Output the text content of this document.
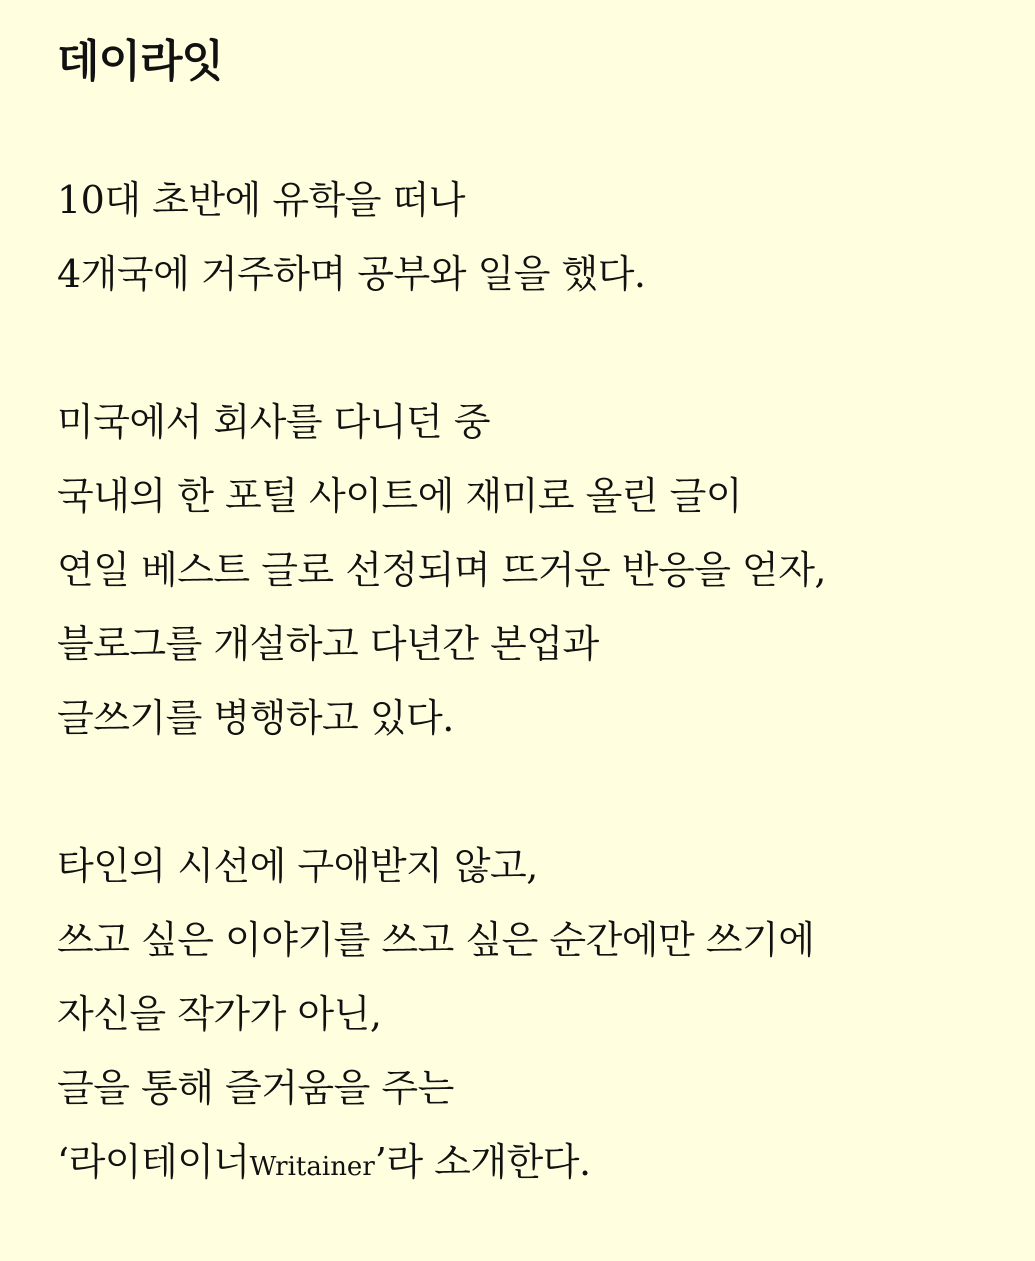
데이라잇
10대 초반에 유학을 떠나
4개국에 거주하며 공부와 일을 했다.
미국에서 회사를 다니던 중
국내의 한 포털 사이트에 재미로 올린 글이
연일 베스트 글로 선정되며 뜨거운 반응을 얻자,
블로그를 개설하고 다년간 본업과
글쓰기를 병행하고 있다.
타인의 시선에 구애받지 않고,
쓰고 싶은 이야기를 쓰고 싶은 순간에만 쓰기에
자신을 작가가 아닌,
글을 통해 즐거움을 주는
‘라이테이너Writainer’라 소개한다.
